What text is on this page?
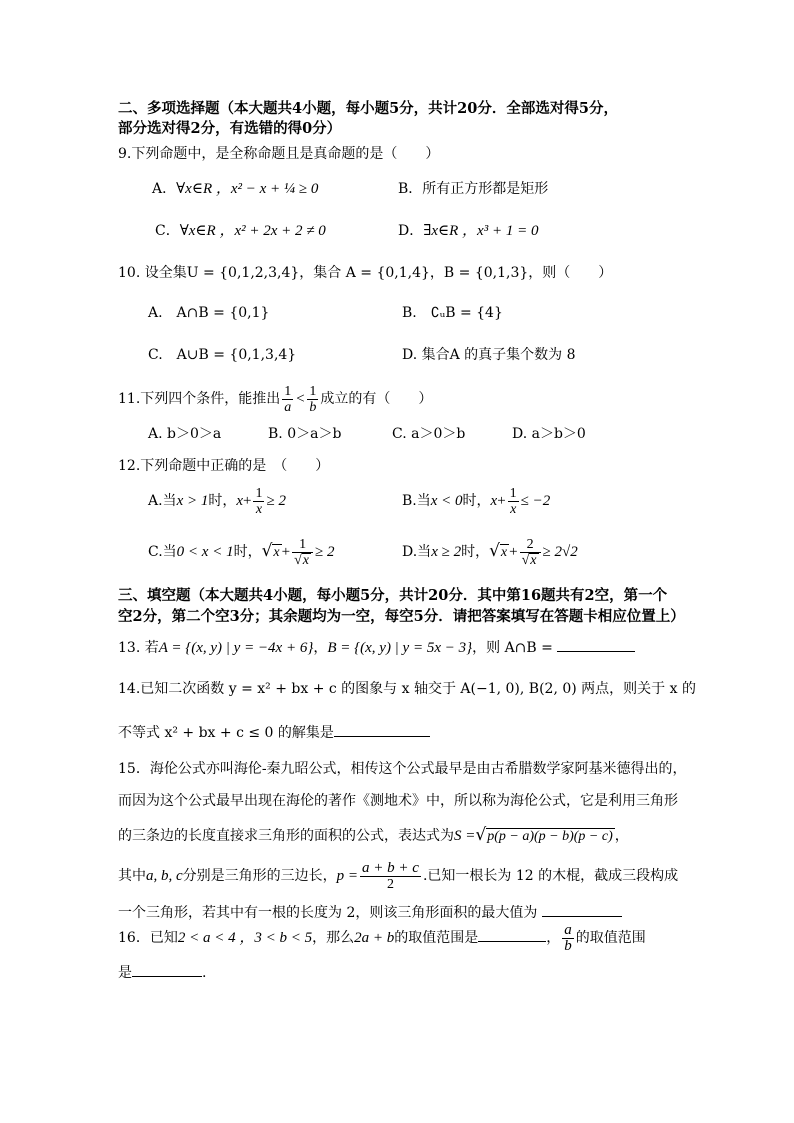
二、多项选择题（本大题共4小题，每小题5分，共计20分．全部选对得5分，
部分选对得2分，有选错的得0分）
9.下列命题中，是全称命题且是真命题的是（　　）
A．∀x∈R ，x² − x + ¼ ≥ 0	B．所有正方形都是矩形
C．∀x∈R ，x² + 2x + 2 ≠ 0	D．∃x∈R ，x³ + 1 = 0
10. 设全集U = {0,1,2,3,4}，集合 A = {0,1,4}，B = {0,1,3}，则（　　）
A.　A∩B = {0,1}	B.　∁ᵤB = {4}
C.　A∪B = {0,1,3,4}	D. 集合A 的真子集个数为 8
11.下列四个条件，能推出 $\frac{1}{a} < \frac{1}{b}$ 成立的有（　　）
A. b＞0＞a	B. 0＞a＞b	C. a＞0＞b	D. a＞b＞0
12.下列命题中正确的是　（　　）
A.当x > 1时，$x+ \frac{1}{x} \ge 2$	B.当x < 0时，$x+ \frac{1}{x} \le -2$
C.当0 < x < 1时，$√x + \frac{1}{√x} \ge 2$	D.当x ≥ 2时，$√x + \frac{2}{√x} \ge 2√2$
三、填空题（本大题共4小题，每小题5分，共计20分．其中第16题共有2空，第一个
空2分，第二个空3分；其余题均为一空，每空5分．请把答案填写在答题卡相应位置上）
13. 若A = {(x, y) | y = −4x + 6}，B = {(x, y) | y = 5x − 3}，则 A∩B =
14.已知二次函数 y = x² + bx + c 的图象与 x 轴交于 A(−1, 0), B(2, 0) 两点，则关于 x 的
不等式 x² + bx + c ≤ 0 的解集是
15．海伦公式亦叫海伦-秦九昭公式，相传这个公式最早是由古希腊数学家阿基米德得出的，
而因为这个公式最早出现在海伦的著作《测地术》中，所以称为海伦公式，它是利用三角形
的三条边的长度直接求三角形的面积的公式，表达式为S =√p(p − a)(p − b)(p − c) ，
其中a, b, c分别是三角形的三边长，$p = \frac{a + b + c}{2}$ .已知一根长为 12 的木棍，截成三段构成
一个三角形，若其中有一根的长度为 2，则该三角形面积的最大值为
16．已知2 < a < 4 ，3 < b < 5，那么2a + b的取值范围是	， $\frac{a}{b}$ 的取值范围
是	.
